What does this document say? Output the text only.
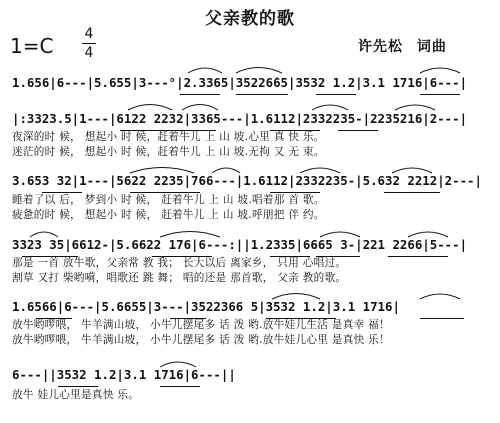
父亲教的歌
1=C 4
4	许先松 词曲
1.656|6---|5.655|3---°|2.3365|35226̇65|3532 1.2|3.1 1716|6---|
|:3323.5|1---|6122 2232|3365---|1.6112|2332235-|2235216|2---|
夜深的时 候， 想起小 时 候，赶着牛儿 上 山 坡.心里 真 快 乐。
迷茫的时 候， 想起小 时 候，赶着牛儿 上 山 坡.无拘 又 无 束。
3.653 32|1---|5622 2235|766---|1.6112|2332235-|5.632 2212|2---|
睡着了以 后， 梦到小 时 候， 赶着牛儿 上 山 坡.唱着那 首 歌。
疲惫的时 候， 想起小 时 候， 赶着牛儿 上 山 坡.呼朋把 伴 约。
3323 35|6612-|5.6622 176|6---:||1.2335|6665 3-|221 2266|5---|
那是 一首 放牛歌，父亲常 教 我； 长大以后 离家乡， 只用 心唱过。
割草 又打 柴哟嗬，唱歌还 跳 舞； 唱的还是 那首歌， 父亲 教的歌。
1.6566|6---|5.6655|3---|3522366 5|3532 1.2|3.1 1716|
放牛哟啰喂， 牛羊满山坡， 小牛儿摆尾多 话 泼 哟.放牛娃儿生活 是真幸 福！
放牛哟啰喂， 牛羊满山坡， 小牛儿摆尾多 话 泼 哟.放牛娃儿心里 是真快 乐！
6---||3532 1.2|3.1 1716|6---||
放牛 娃儿心里是真快 乐。
